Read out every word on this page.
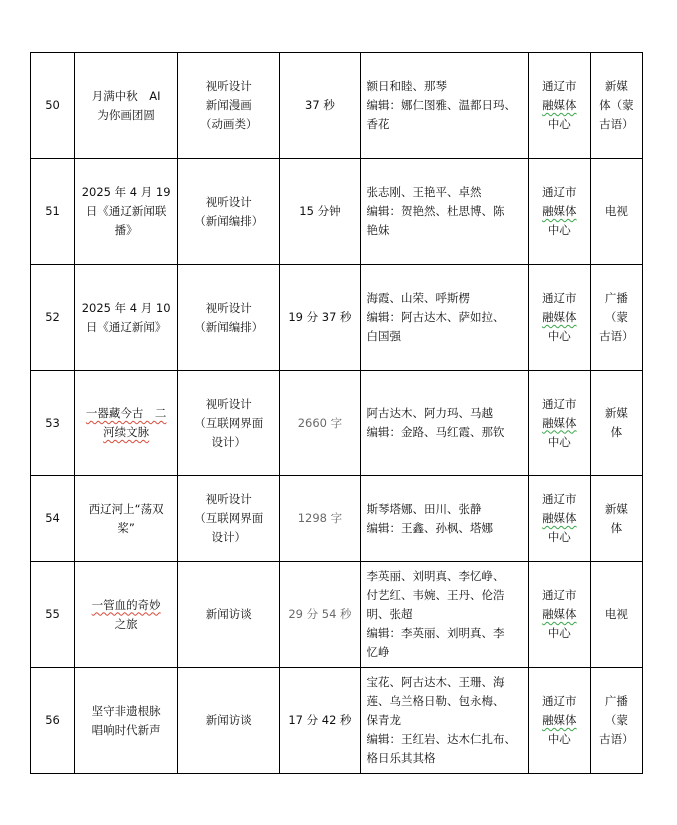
50	月满中秋　AI
为你画团圆	视听设计
新闻漫画
（动画类）	37 秒	额日和睦、那琴
编辑：娜仁图雅、温都日玛、
香花	通辽市
融媒体
中心	新媒
体（蒙
古语）

51	2025 年 4 月 19
日《通辽新闻联
播》	视听设计
（新闻编排）	15 分钟	张志刚、王艳平、卓然
编辑：贺艳然、杜思博、陈
艳妹	通辽市
融媒体
中心	电视

52	2025 年 4 月 10
日《通辽新闻》	视听设计
（新闻编排）	19 分 37 秒	海霞、山荣、呼斯楞
编辑：阿古达木、萨如拉、
白国强	通辽市
融媒体
中心	广播
（蒙
古语）

53	一器藏今古　二
河续文脉	视听设计
（互联网界面
设计）	2660 字	阿古达木、阿力玛、马越
编辑：金路、马红霞、那钦	通辽市
融媒体
中心	新媒
体

54	西辽河上“荡双
桨”	视听设计
（互联网界面
设计）	1298 字	斯琴塔娜、田川、张静
编辑：王鑫、孙枫、塔娜	通辽市
融媒体
中心	新媒
体

55	一管血的奇妙
之旅	新闻访谈	29 分 54 秒	李英丽、刘明真、李忆峥、
付艺红、韦婉、王丹、伦浩
明、张超
编辑：李英丽、刘明真、李
忆峥	通辽市
融媒体
中心	电视

56	坚守非遗根脉
唱响时代新声	新闻访谈	17 分 42 秒	宝花、阿古达木、王珊、海
莲、乌兰格日勒、包永梅、
保青龙
编辑：王红岩、达木仁扎布、
格日乐其其格	通辽市
融媒体
中心	广播
（蒙
古语）
